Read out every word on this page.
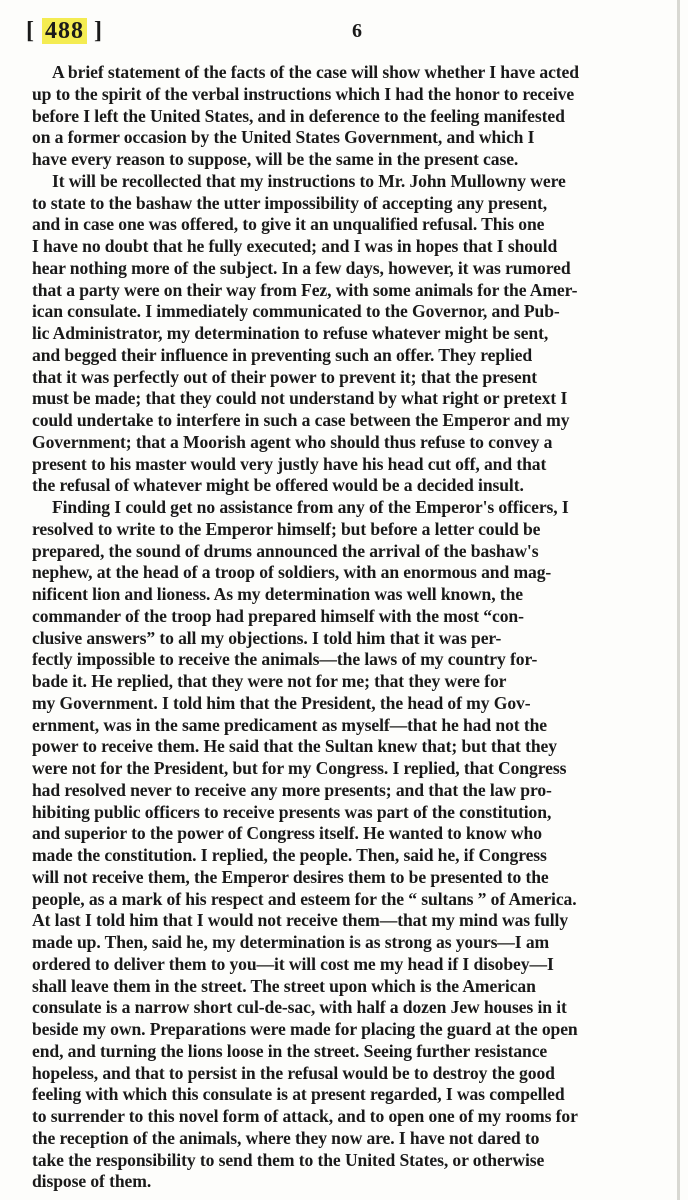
[ 488 ]	6
A brief statement of the facts of the case will show whether I have acted
up to the spirit of the verbal instructions which I had the honor to receive
before I left the United States, and in deference to the feeling manifested
on a former occasion by the United States Government, and which I
have every reason to suppose, will be the same in the present case.
It will be recollected that my instructions to Mr. John Mullowny were
to state to the bashaw the utter impossibility of accepting any present,
and in case one was offered, to give it an unqualified refusal. This one
I have no doubt that he fully executed; and I was in hopes that I should
hear nothing more of the subject. In a few days, however, it was rumored
that a party were on their way from Fez, with some animals for the Amer-
ican consulate. I immediately communicated to the Governor, and Pub-
lic Administrator, my determination to refuse whatever might be sent,
and begged their influence in preventing such an offer. They replied
that it was perfectly out of their power to prevent it; that the present
must be made; that they could not understand by what right or pretext I
could undertake to interfere in such a case between the Emperor and my
Government; that a Moorish agent who should thus refuse to convey a
present to his master would very justly have his head cut off, and that
the refusal of whatever might be offered would be a decided insult.
Finding I could get no assistance from any of the Emperor's officers, I
resolved to write to the Emperor himself; but before a letter could be
prepared, the sound of drums announced the arrival of the bashaw's
nephew, at the head of a troop of soldiers, with an enormous and mag-
nificent lion and lioness. As my determination was well known, the
commander of the troop had prepared himself with the most “con-
clusive answers” to all my objections. I told him that it was per-
fectly impossible to receive the animals—the laws of my country for-
bade it. He replied, that they were not for me; that they were for
my Government. I told him that the President, the head of my Gov-
ernment, was in the same predicament as myself—that he had not the
power to receive them. He said that the Sultan knew that; but that they
were not for the President, but for my Congress. I replied, that Congress
had resolved never to receive any more presents; and that the law pro-
hibiting public officers to receive presents was part of the constitution,
and superior to the power of Congress itself. He wanted to know who
made the constitution. I replied, the people. Then, said he, if Congress
will not receive them, the Emperor desires them to be presented to the
people, as a mark of his respect and esteem for the “ sultans ” of America.
At last I told him that I would not receive them—that my mind was fully
made up. Then, said he, my determination is as strong as yours—I am
ordered to deliver them to you—it will cost me my head if I disobey—I
shall leave them in the street. The street upon which is the American
consulate is a narrow short cul-de-sac, with half a dozen Jew houses in it
beside my own. Preparations were made for placing the guard at the open
end, and turning the lions loose in the street. Seeing further resistance
hopeless, and that to persist in the refusal would be to destroy the good
feeling with which this consulate is at present regarded, I was compelled
to surrender to this novel form of attack, and to open one of my rooms for
the reception of the animals, where they now are. I have not dared to
take the responsibility to send them to the United States, or otherwise
dispose of them.
